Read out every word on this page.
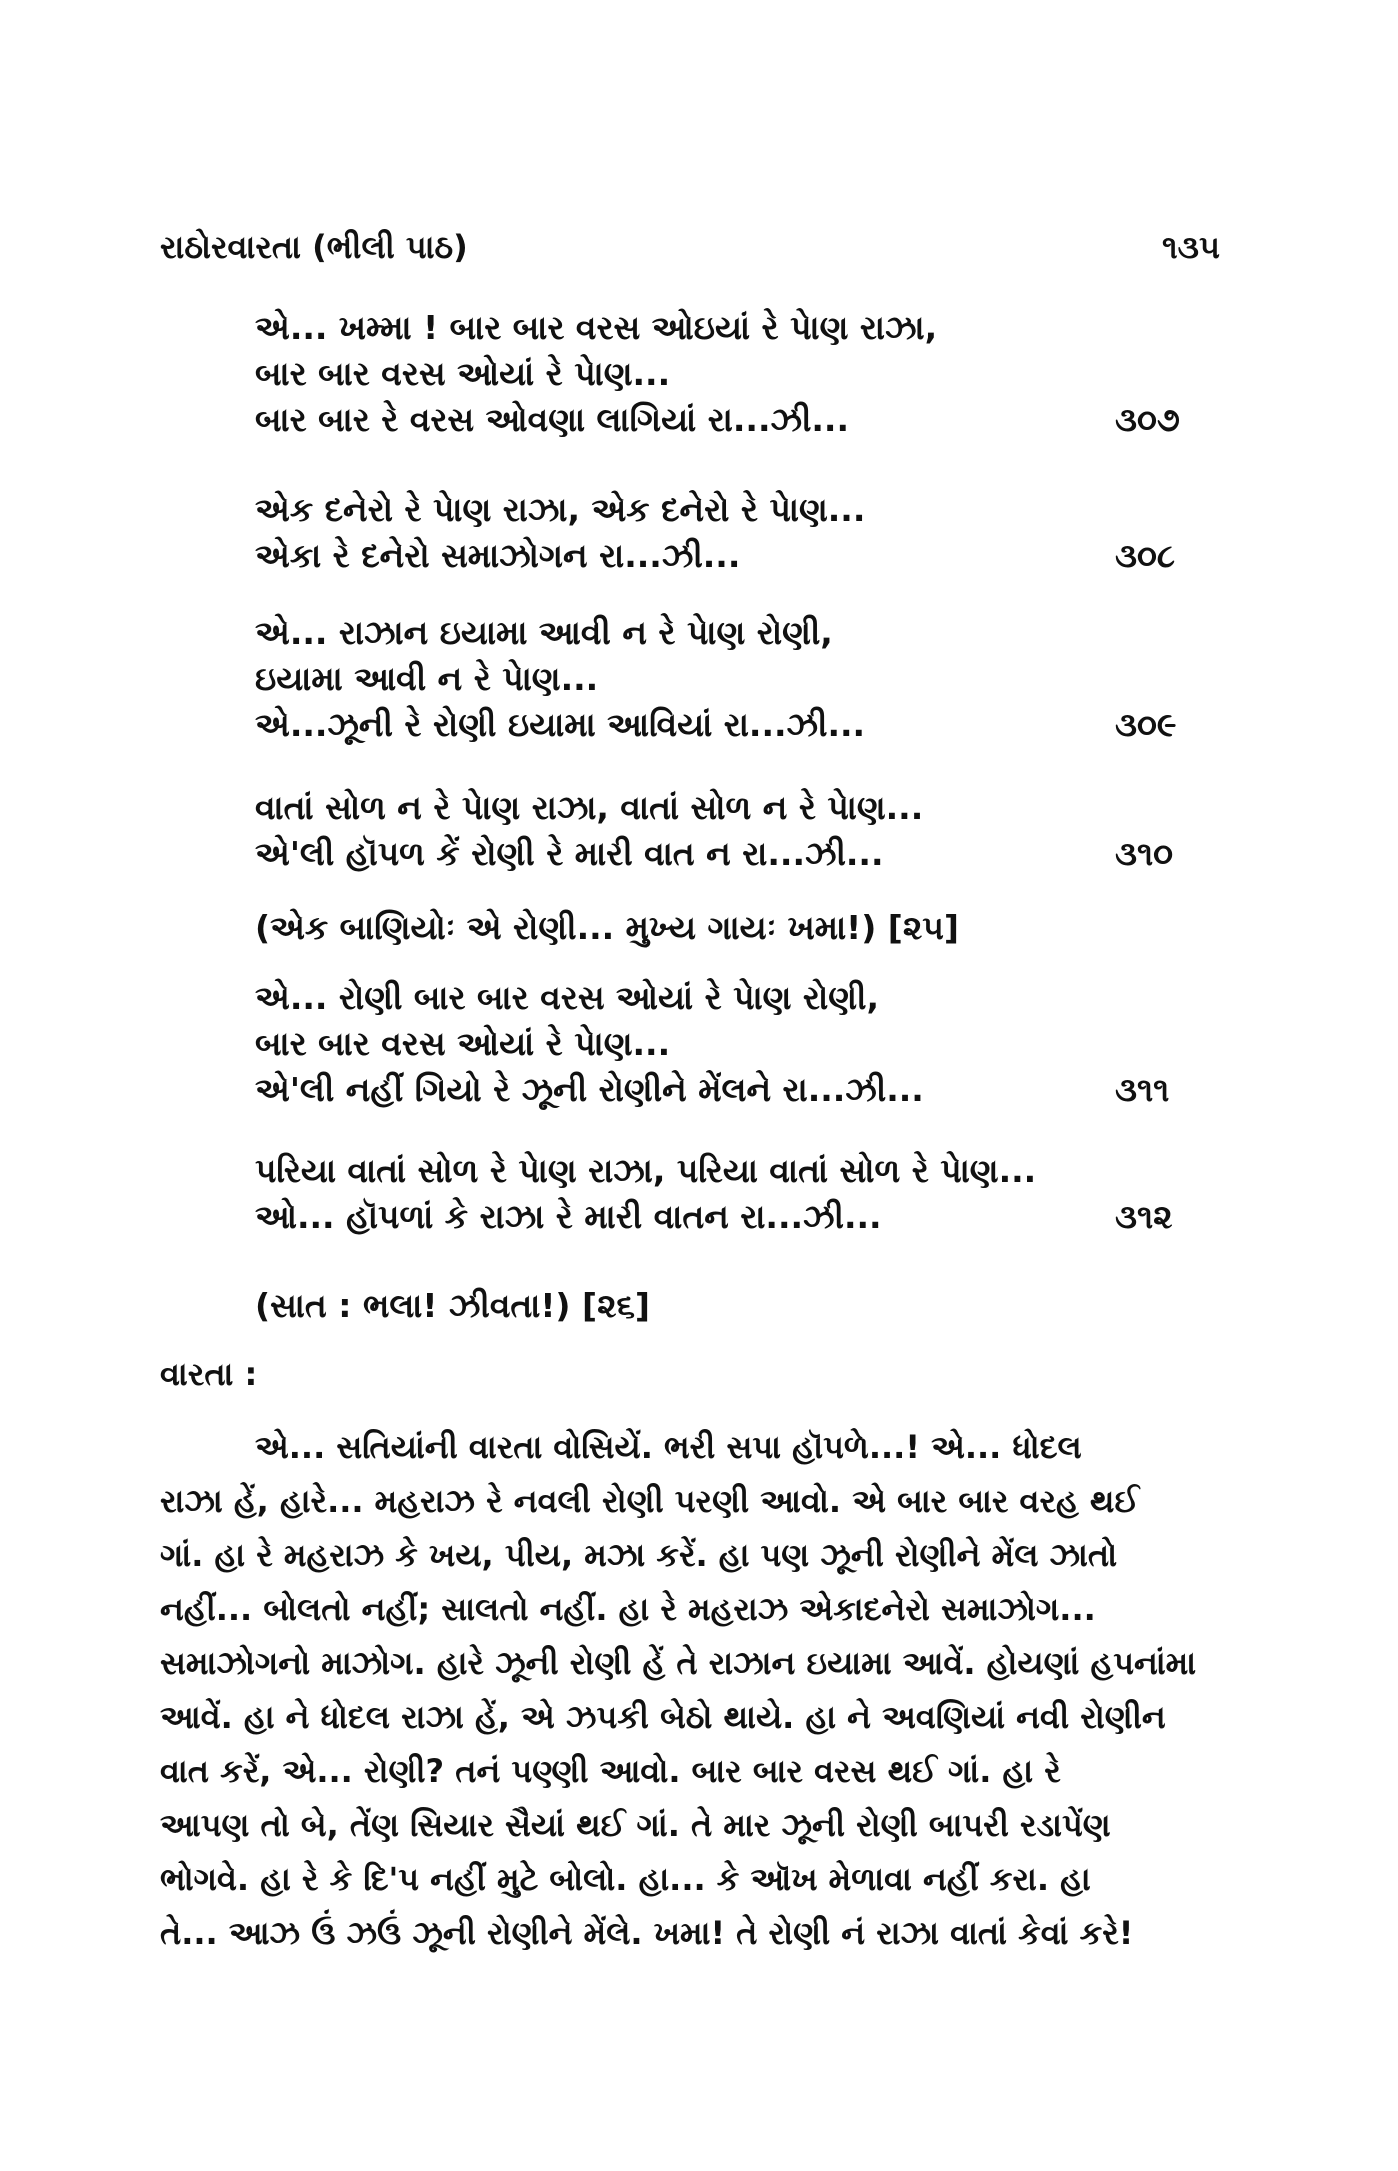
રાઠોરવારતા (ભીલી પાઠ)	૧૩૫
એ... ખમ્મા ! બાર બાર વરસ ઓઇયાં રે પેાણ રાઝા,
બાર બાર વરસ ઓયાં રે પેાણ...
બાર બાર રે વરસ ઓવણા લાગિયાં રા...ઝી...	૩૦૭
એક દનેરો રે પેાણ રાઝા, એક દનેરો રે પેાણ...
એકા રે દનેરો સમાઝોગન રા...ઝી...	૩૦૮
એ... રાઝાન ઇયામા આવી ન રે પેાણ રોણી,
ઇયામા આવી ન રે પેાણ...
એ...ઝૂની રે રોણી ઇયામા આવિયાં રા...ઝી...	૩૦૯
વાતાં સોળ ન રે પેાણ રાઝા, વાતાં સોળ ન રે પેાણ...
એ'લી હૉપળ કેં રોણી રે મારી વાત ન રા...ઝી...	૩૧૦
(એક બાણિયોઃ એ રોણી... મુખ્ય ગાયઃ ખમા!) [૨૫]
એ... રોણી બાર બાર વરસ ઓયાં રે પેાણ રોણી,
બાર બાર વરસ ઓયાં રે પેાણ...
એ'લી નહીં ગિયો રે ઝૂની રોણીને મેંલને રા...ઝી...	૩૧૧
પરિયા વાતાં સોળ રે પેાણ રાઝા, પરિયા વાતાં સોળ રે પેાણ...
ઓ... હૉપળાં કે રાઝા રે મારી વાતન રા...ઝી...	૩૧૨
(સાત : ભલા! ઝીવતા!) [૨૬]
વારતા :
એ... સતિયાંની વારતા વોસિયેં. ભરી સપા હૉપળે...! એ... ધોદલ
રાઝા હેં, હારે... મહરાઝ રે નવલી રોણી પરણી આવો. એ બાર બાર વરહ થઈ
ગાં. હા રે મહરાઝ કે ખય, પીય, મઝા કરેં. હા પણ ઝૂની રોણીને મેંલ ઝાતો
નહીં... બોલતો નહીં; સાલતો નહીં. હા રે મહરાઝ એકાદનેરો સમાઝોગ...
સમાઝોગનો માઝોગ. હારે ઝૂની રોણી હેં તે રાઝાન ઇયામા આવેં. હોયણાં હપનાંમા
આવેં. હા ને ધોદલ રાઝા હેં, એ ઝપકી બેઠો થાયે. હા ને અવણિયાં નવી રોણીન
વાત કરેં, એ... રોણી? તનં પણ્ણી આવો. બાર બાર વરસ થઈ ગાં. હા રે
આપણ તો બે, તેંણ સિયાર સૈયાં થઈ ગાં. તે માર ઝૂની રોણી બાપરી રડાપેંણ
ભોગવે. હા રે કે દિ'પ નહીં મુટે બોલો. હા... કે ઑખ મેળાવા નહીં કરા. હા
તે... આઝ ઉં ઝઉં ઝૂની રોણીને મેંલે. ખમા! તે રોણી નં રાઝા વાતાં કેવાં કરે!
